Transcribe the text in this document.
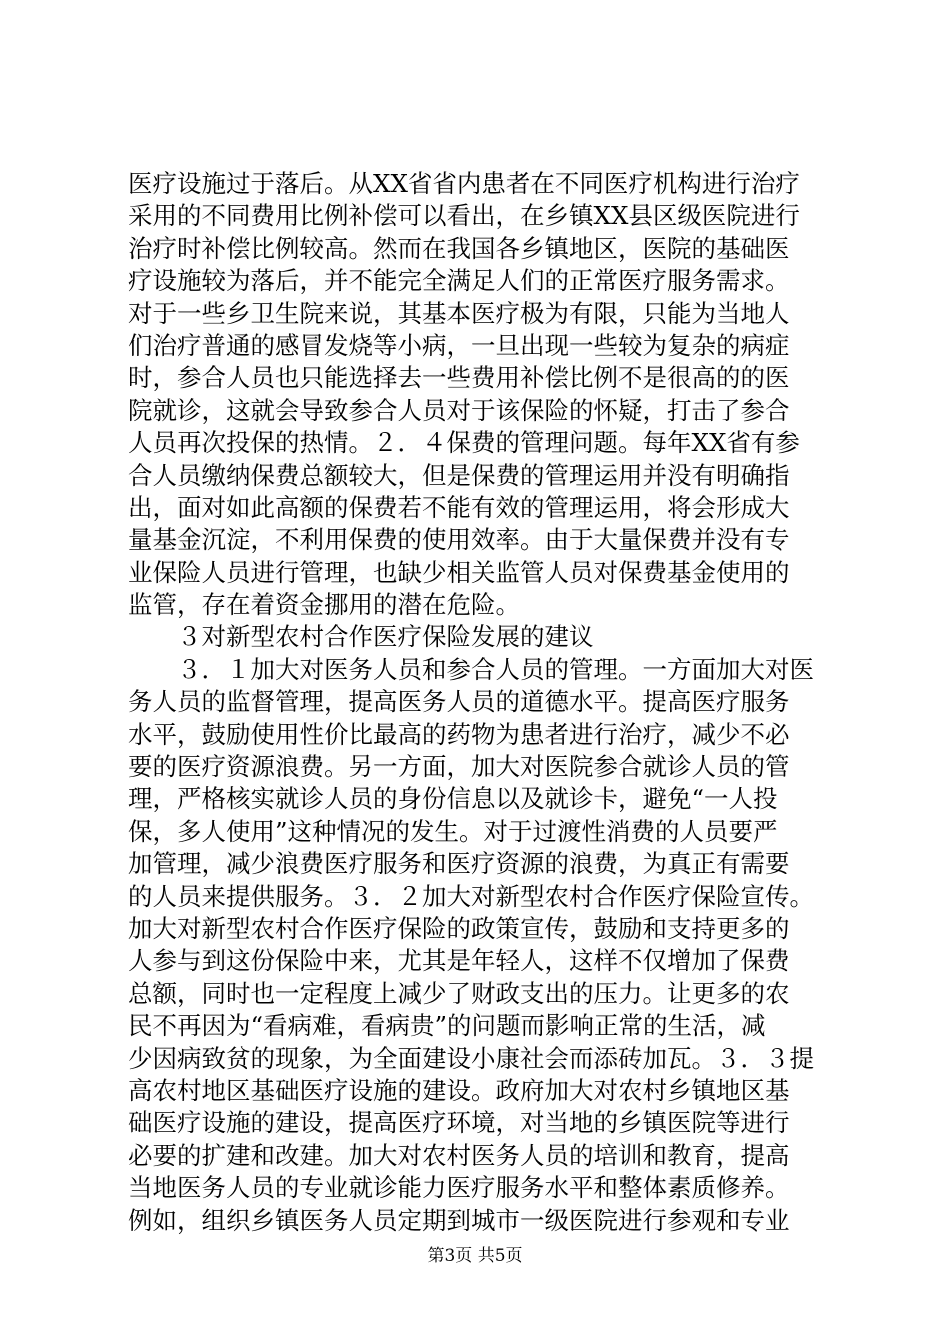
医疗设施过于落后。从XX省省内患者在不同医疗机构进行治疗
采用的不同费用比例补偿可以看出，在乡镇XX县区级医院进行
治疗时补偿比例较高。然而在我国各乡镇地区，医院的基础医
疗设施较为落后，并不能完全满足人们的正常医疗服务需求。
对于一些乡卫生院来说，其基本医疗极为有限，只能为当地人
们治疗普通的感冒发烧等小病，一旦出现一些较为复杂的病症
时，参合人员也只能选择去一些费用补偿比例不是很高的的医
院就诊，这就会导致参合人员对于该保险的怀疑，打击了参合
人员再次投保的热情。２．４保费的管理问题。每年XX省有参
合人员缴纳保费总额较大，但是保费的管理运用并没有明确指
出，面对如此高额的保费若不能有效的管理运用，将会形成大
量基金沉淀，不利用保费的使用效率。由于大量保费并没有专
业保险人员进行管理，也缺少相关监管人员对保费基金使用的
监管，存在着资金挪用的潜在危险。
　　３对新型农村合作医疗保险发展的建议
　　３．１加大对医务人员和参合人员的管理。一方面加大对医
务人员的监督管理，提高医务人员的道德水平。提高医疗服务
水平，鼓励使用性价比最高的药物为患者进行治疗，减少不必
要的医疗资源浪费。另一方面，加大对医院参合就诊人员的管
理，严格核实就诊人员的身份信息以及就诊卡，避免“一人投
保，多人使用”这种情况的发生。对于过渡性消费的人员要严
加管理，减少浪费医疗服务和医疗资源的浪费，为真正有需要
的人员来提供服务。３．２加大对新型农村合作医疗保险宣传。
加大对新型农村合作医疗保险的政策宣传，鼓励和支持更多的
人参与到这份保险中来，尤其是年轻人，这样不仅增加了保费
总额，同时也一定程度上减少了财政支出的压力。让更多的农
民不再因为“看病难，看病贵”的问题而影响正常的生活，减
少因病致贫的现象，为全面建设小康社会而添砖加瓦。３．３提
高农村地区基础医疗设施的建设。政府加大对农村乡镇地区基
础医疗设施的建设，提高医疗环境，对当地的乡镇医院等进行
必要的扩建和改建。加大对农村医务人员的培训和教育，提高
当地医务人员的专业就诊能力医疗服务水平和整体素质修养。
例如，组织乡镇医务人员定期到城市一级医院进行参观和专业
第3页 共5页
